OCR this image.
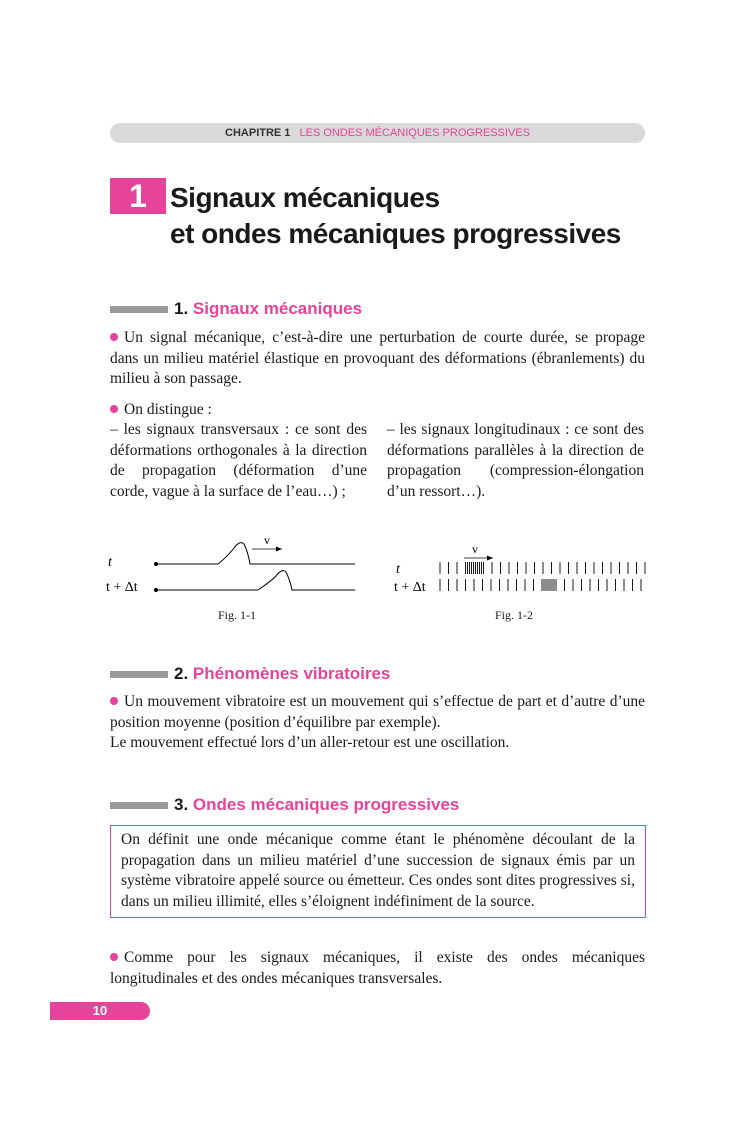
CHAPITRE 1 LES ONDES MÉCANIQUES PROGRESSIVES
1 Signaux mécaniques
et ondes mécaniques progressives
1. Signaux mécaniques
Un signal mécanique, c’est-à-dire une perturbation de courte durée, se propage dans un milieu matériel élastique en provoquant des déformations (ébranlements) du milieu à son passage.
On distingue :
– les signaux transversaux : ce sont des déformations orthogonales à la direction de propagation (déformation d’une corde, vague à la surface de l’eau…) ;
– les signaux longitudinaux : ce sont des déformations parallèles à la direction de propagation (compression-élongation d’un ressort…).
t
t + Δt
v
Fig. 1-1
t
t + Δt
v
Fig. 1-2
2. Phénomènes vibratoires
Un mouvement vibratoire est un mouvement qui s’effectue de part et d’autre d’une position moyenne (position d’équilibre par exemple).
Le mouvement effectué lors d’un aller-retour est une oscillation.
3. Ondes mécaniques progressives
On définit une onde mécanique comme étant le phénomène découlant de la propagation dans un milieu matériel d’une succession de signaux émis par un système vibratoire appelé source ou émetteur. Ces ondes sont dites progressives si, dans un milieu illimité, elles s’éloignent indéfiniment de la source.
Comme pour les signaux mécaniques, il existe des ondes mécaniques longitudinales et des ondes mécaniques transversales.
10
